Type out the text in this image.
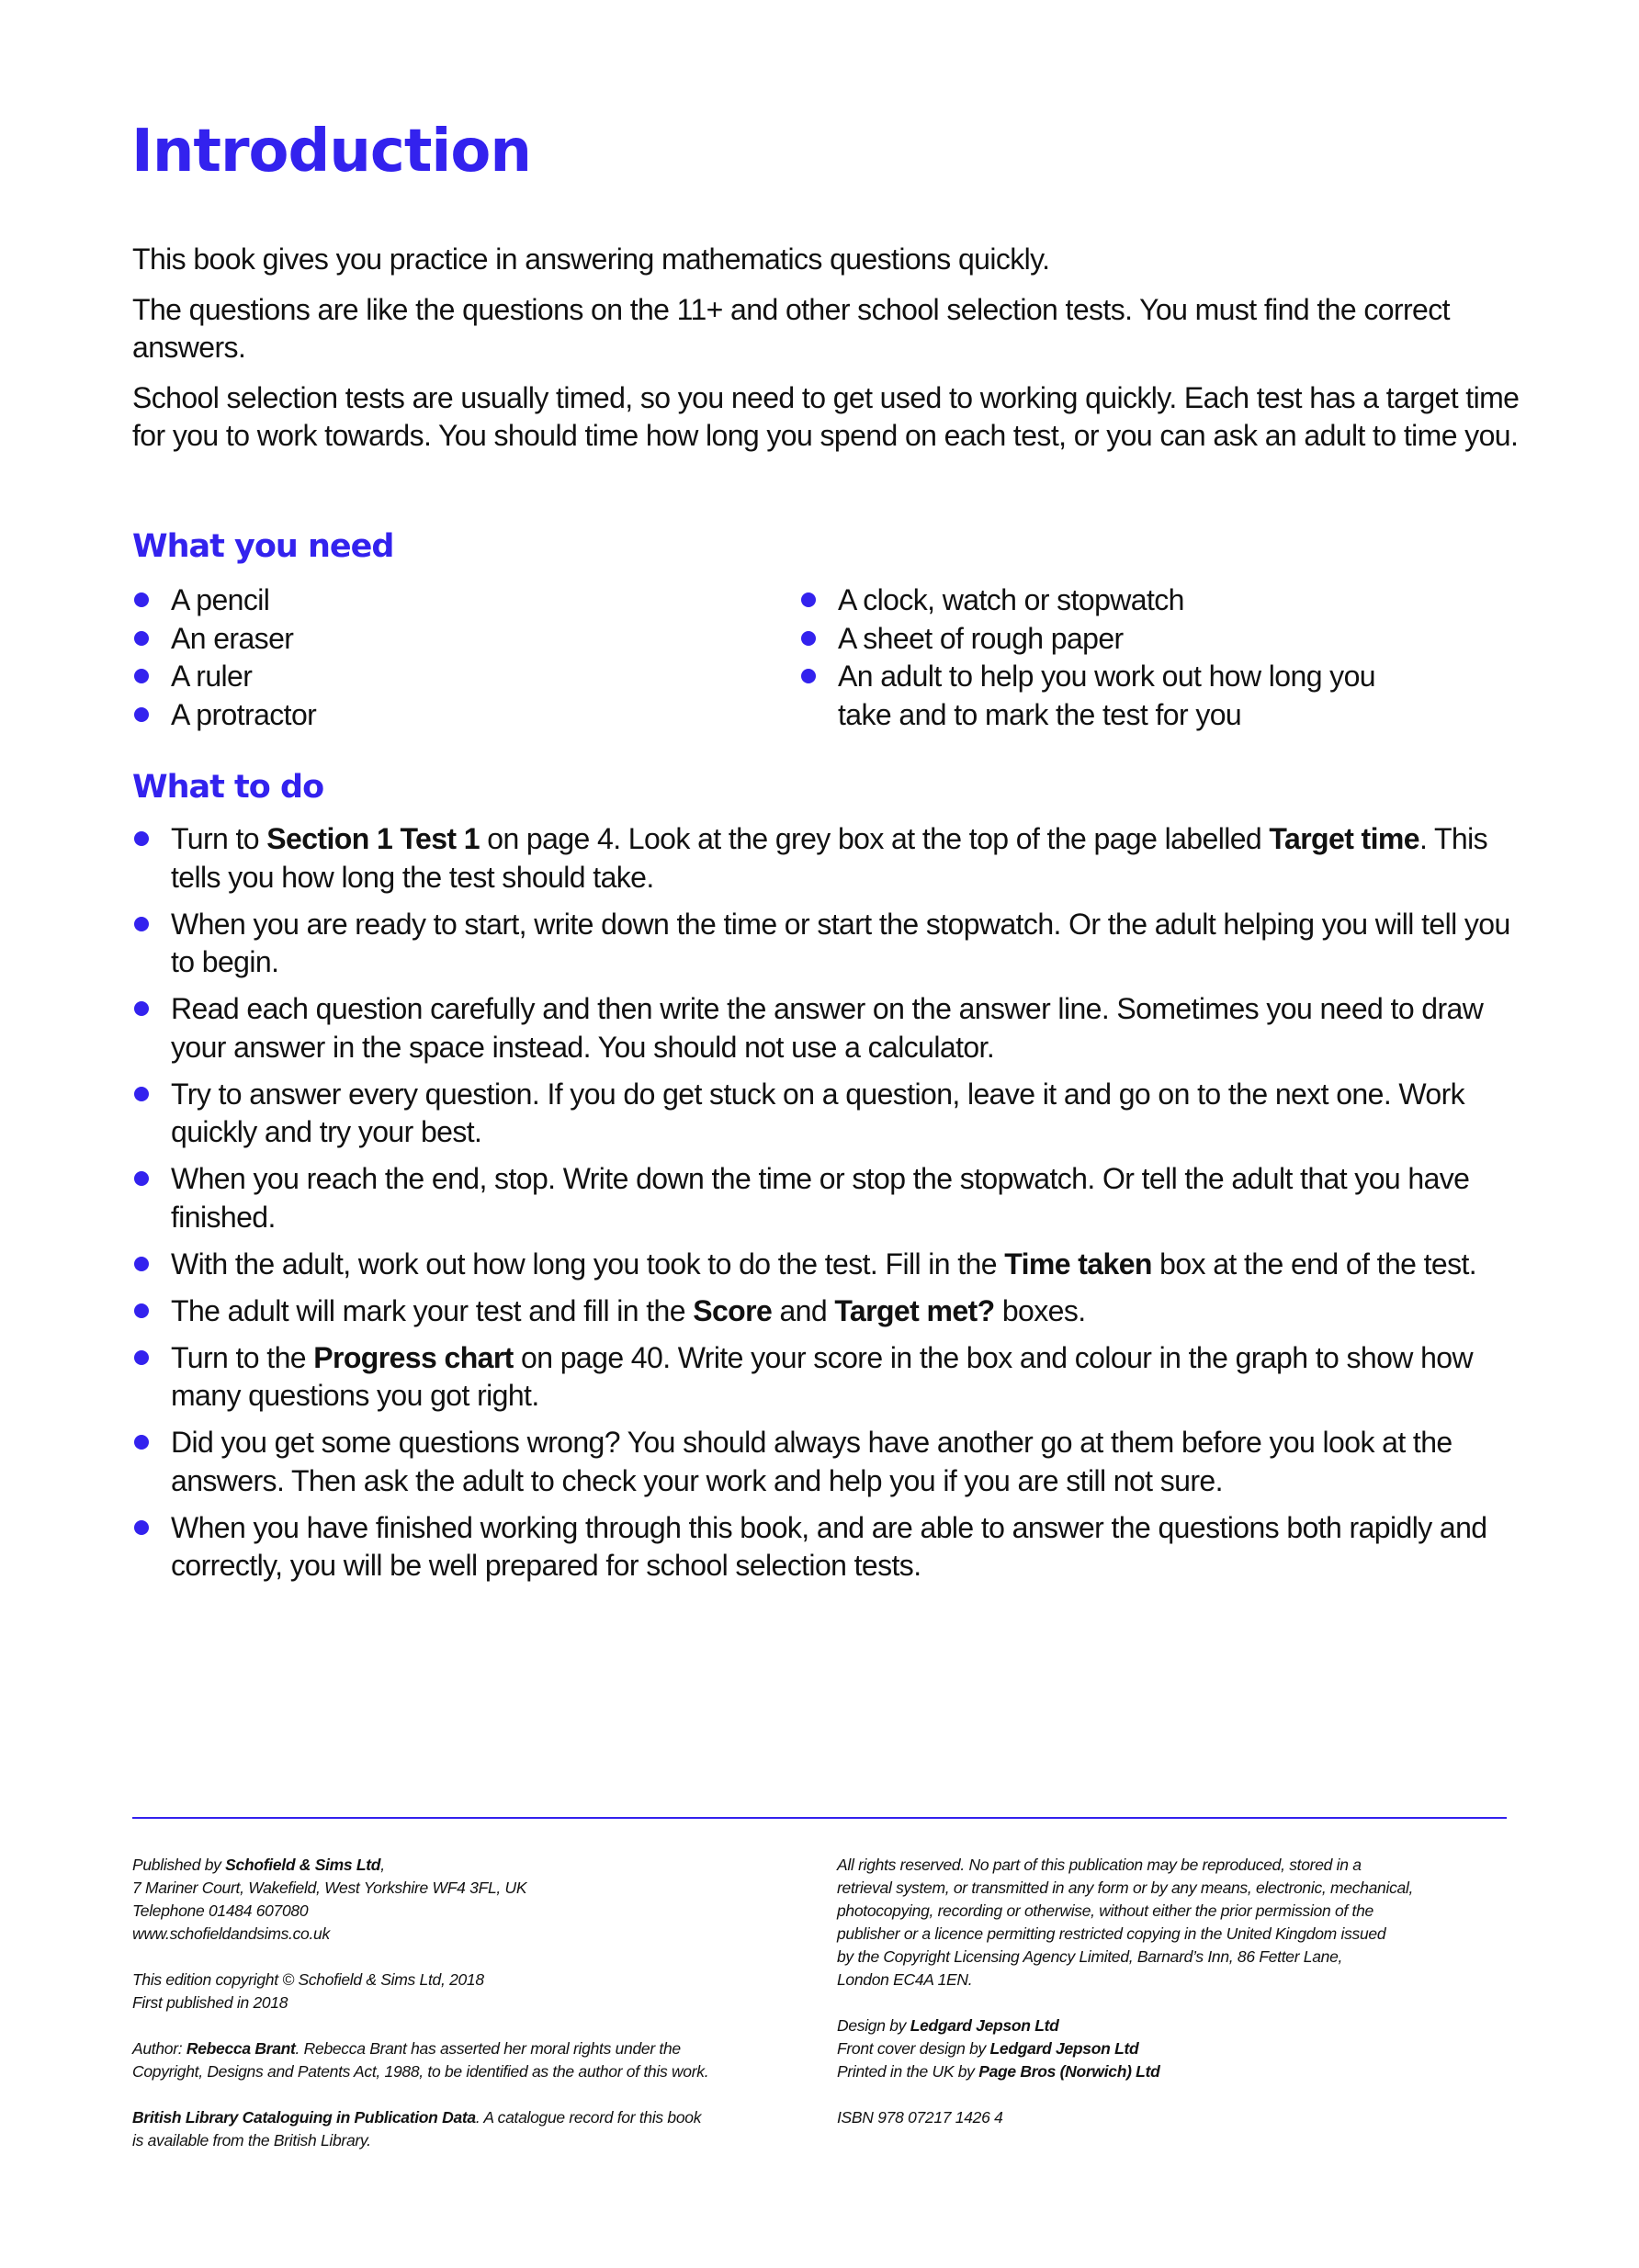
Introduction

This book gives you practice in answering mathematics questions quickly.

The questions are like the questions on the 11+ and other school selection tests. You must find the correct answers.

School selection tests are usually timed, so you need to get used to working quickly. Each test has a target time for you to work towards. You should time how long you spend on each test, or you can ask an adult to time you.

What you need
A pencil
An eraser
A ruler
A protractor
A clock, watch or stopwatch
A sheet of rough paper
An adult to help you work out how long you take and to mark the test for you
What to do
Turn to Section 1 Test 1 on page 4. Look at the grey box at the top of the page labelled Target time. This tells you how long the test should take.
When you are ready to start, write down the time or start the stopwatch. Or the adult helping you will tell you to begin.
Read each question carefully and then write the answer on the answer line. Sometimes you need to draw your answer in the space instead. You should not use a calculator.
Try to answer every question. If you do get stuck on a question, leave it and go on to the next one. Work quickly and try your best.
When you reach the end, stop. Write down the time or stop the stopwatch. Or tell the adult that you have finished.
With the adult, work out how long you took to do the test. Fill in the Time taken box at the end of the test.
The adult will mark your test and fill in the Score and Target met? boxes.
Turn to the Progress chart on page 40. Write your score in the box and colour in the graph to show how many questions you got right.
Did you get some questions wrong? You should always have another go at them before you look at the answers. Then ask the adult to check your work and help you if you are still not sure.
When you have finished working through this book, and are able to answer the questions both rapidly and correctly, you will be well prepared for school selection tests.

Published by Schofield & Sims Ltd,
7 Mariner Court, Wakefield, West Yorkshire WF4 3FL, UK
Telephone 01484 607080
www.schofieldandsims.co.uk

This edition copyright © Schofield & Sims Ltd, 2018
First published in 2018

Author: Rebecca Brant. Rebecca Brant has asserted her moral rights under the
Copyright, Designs and Patents Act, 1988, to be identified as the author of this work.

British Library Cataloguing in Publication Data. A catalogue record for this book
is available from the British Library.

All rights reserved. No part of this publication may be reproduced, stored in a
retrieval system, or transmitted in any form or by any means, electronic, mechanical,
photocopying, recording or otherwise, without either the prior permission of the
publisher or a licence permitting restricted copying in the United Kingdom issued
by the Copyright Licensing Agency Limited, Barnard’s Inn, 86 Fetter Lane,
London EC4A 1EN.

Design by Ledgard Jepson Ltd
Front cover design by Ledgard Jepson Ltd
Printed in the UK by Page Bros (Norwich) Ltd

ISBN 978 07217 1426 4
